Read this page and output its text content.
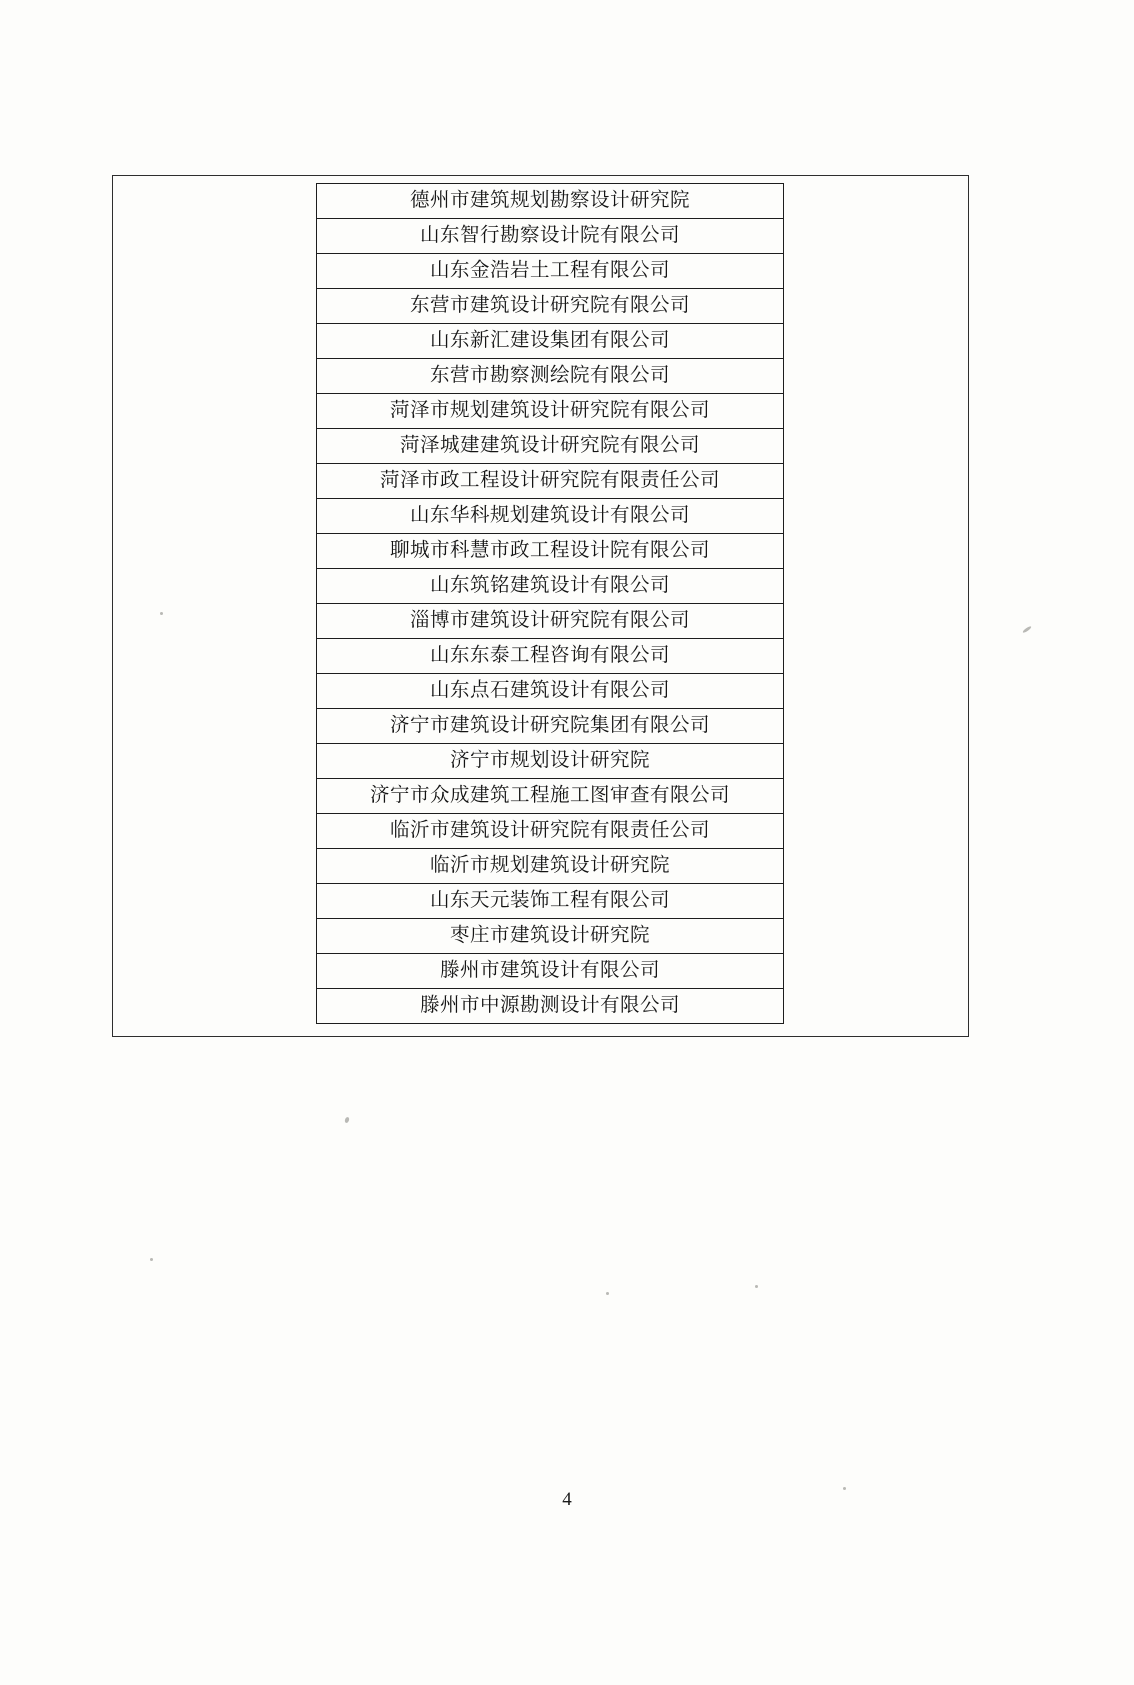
德州市建筑规划勘察设计研究院
山东智行勘察设计院有限公司
山东金浩岩土工程有限公司
东营市建筑设计研究院有限公司
山东新汇建设集团有限公司
东营市勘察测绘院有限公司
菏泽市规划建筑设计研究院有限公司
菏泽城建建筑设计研究院有限公司
菏泽市政工程设计研究院有限责任公司
山东华科规划建筑设计有限公司
聊城市科慧市政工程设计院有限公司
山东筑铭建筑设计有限公司
淄博市建筑设计研究院有限公司
山东东泰工程咨询有限公司
山东点石建筑设计有限公司
济宁市建筑设计研究院集团有限公司
济宁市规划设计研究院
济宁市众成建筑工程施工图审查有限公司
临沂市建筑设计研究院有限责任公司
临沂市规划建筑设计研究院
山东天元装饰工程有限公司
枣庄市建筑设计研究院
滕州市建筑设计有限公司
滕州市中源勘测设计有限公司
4
